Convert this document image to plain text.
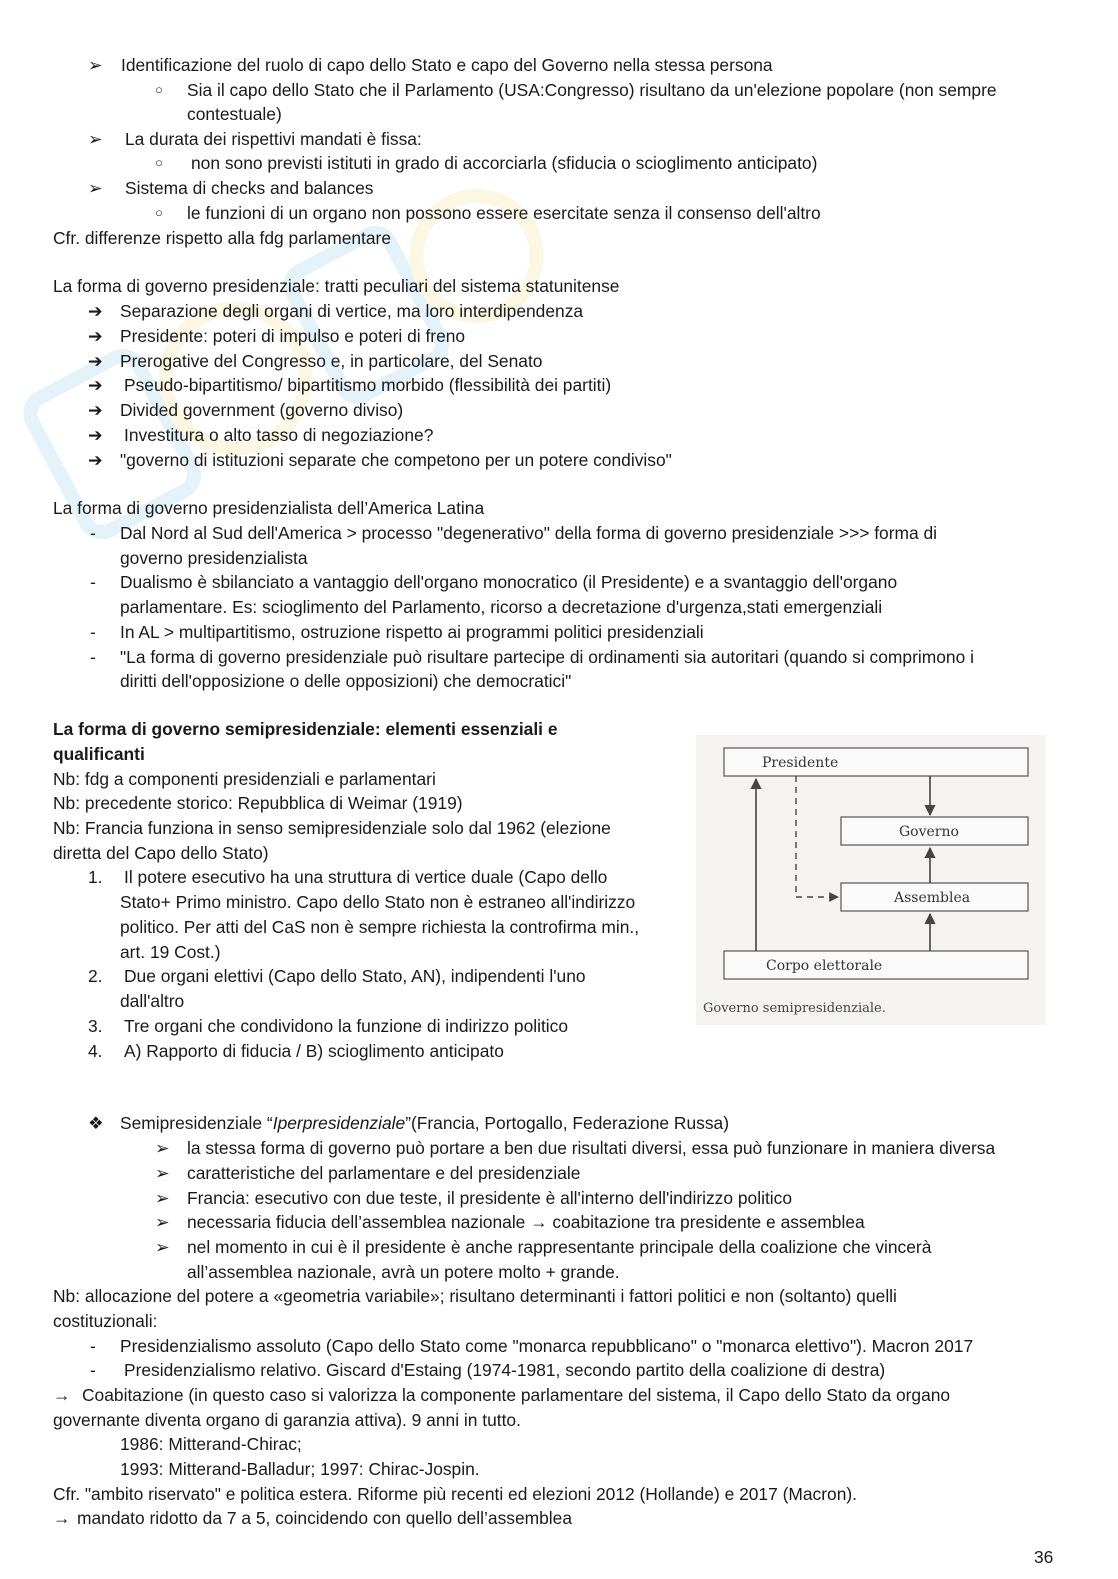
➢ Identificazione del ruolo di capo dello Stato e capo del Governo nella stessa persona
○ Sia il capo dello Stato che il Parlamento (USA:Congresso) risultano da un'elezione popolare (non sempre
contestuale)
➢ La durata dei rispettivi mandati è fissa:
○ non sono previsti istituti in grado di accorciarla (sfiducia o scioglimento anticipato)
➢ Sistema di checks and balances
○ le funzioni di un organo non possono essere esercitate senza il consenso dell'altro
Cfr. differenze rispetto alla fdg parlamentare
La forma di governo presidenziale: tratti peculiari del sistema statunitense
➔ Separazione degli organi di vertice, ma loro interdipendenza
➔ Presidente: poteri di impulso e poteri di freno
➔ Prerogative del Congresso e, in particolare, del Senato
➔ Pseudo-bipartitismo/ bipartitismo morbido (flessibilità dei partiti)
➔ Divided government (governo diviso)
➔ Investitura o alto tasso di negoziazione?
➔ "governo di istituzioni separate che competono per un potere condiviso"
La forma di governo presidenzialista dell’America Latina
- Dal Nord al Sud dell'America > processo "degenerativo" della forma di governo presidenziale >>> forma di
governo presidenzialista
- Dualismo è sbilanciato a vantaggio dell'organo monocratico (il Presidente) e a svantaggio dell'organo
parlamentare. Es: scioglimento del Parlamento, ricorso a decretazione d'urgenza,stati emergenziali
- In AL > multipartitismo, ostruzione rispetto ai programmi politici presidenziali
- "La forma di governo presidenziale può risultare partecipe di ordinamenti sia autoritari (quando si comprimono i
diritti dell'opposizione o delle opposizioni) che democratici"
La forma di governo semipresidenziale: elementi essenziali e
qualificanti
Nb: fdg a componenti presidenziali e parlamentari
Nb: precedente storico: Repubblica di Weimar (1919)
Nb: Francia funziona in senso semipresidenziale solo dal 1962 (elezione
diretta del Capo dello Stato)
1. Il potere esecutivo ha una struttura di vertice duale (Capo dello
Stato+ Primo ministro. Capo dello Stato non è estraneo all'indirizzo
politico. Per atti del CaS non è sempre richiesta la controfirma min.,
art. 19 Cost.)
2. Due organi elettivi (Capo dello Stato, AN), indipendenti l'uno
dall'altro
3. Tre organi che condividono la funzione di indirizzo politico
4. A) Rapporto di fiducia / B) scioglimento anticipato
Presidente
Governo
Assemblea
Corpo elettorale
Governo semipresidenziale.
❖ Semipresidenziale “Iperpresidenziale”(Francia, Portogallo, Federazione Russa)
➢ la stessa forma di governo può portare a ben due risultati diversi, essa può funzionare in maniera diversa
➢ caratteristiche del parlamentare e del presidenziale
➢ Francia: esecutivo con due teste, il presidente è all'interno dell'indirizzo politico
➢ necessaria fiducia dell’assemblea nazionale → coabitazione tra presidente e assemblea
➢ nel momento in cui è il presidente è anche rappresentante principale della coalizione che vincerà
all’assemblea nazionale, avrà un potere molto + grande.
Nb: allocazione del potere a «geometria variabile»; risultano determinanti i fattori politici e non (soltanto) quelli
costituzionali:
- Presidenzialismo assoluto (Capo dello Stato come "monarca repubblicano" o "monarca elettivo"). Macron 2017
- Presidenzialismo relativo. Giscard d'Estaing (1974-1981, secondo partito della coalizione di destra)
→ Coabitazione (in questo caso si valorizza la componente parlamentare del sistema, il Capo dello Stato da organo
governante diventa organo di garanzia attiva). 9 anni in tutto.
1986: Mitterand-Chirac;
1993: Mitterand-Balladur; 1997: Chirac-Jospin.
Cfr. "ambito riservato" e politica estera. Riforme più recenti ed elezioni 2012 (Hollande) e 2017 (Macron).
→ mandato ridotto da 7 a 5, coincidendo con quello dell’assemblea
36
